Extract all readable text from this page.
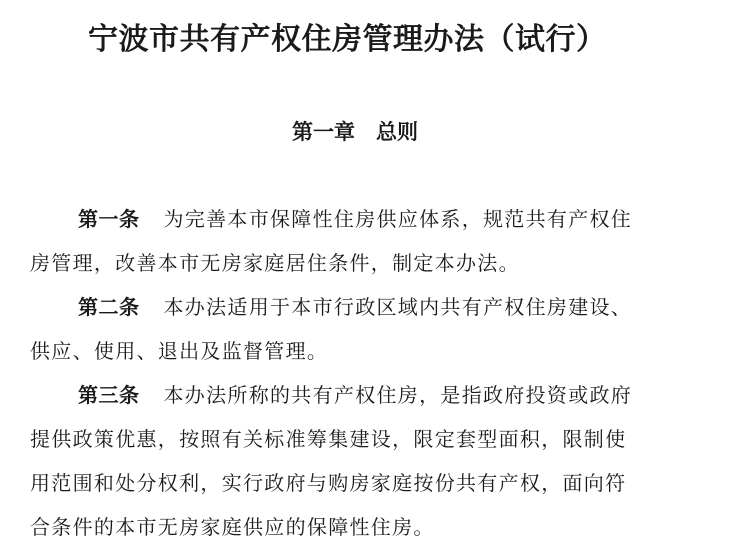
宁波市共有产权住房管理办法（试行）
第一章　总则

第一条 为完善本市保障性住房供应体系，规范共有产权住

房管理，改善本市无房家庭居住条件，制定本办法。

第二条 本办法适用于本市行政区域内共有产权住房建设、

供应、使用、退出及监督管理。

第三条 本办法所称的共有产权住房，是指政府投资或政府

提供政策优惠，按照有关标准筹集建设，限定套型面积，限制使

用范围和处分权利，实行政府与购房家庭按份共有产权，面向符

合条件的本市无房家庭供应的保障性住房。
